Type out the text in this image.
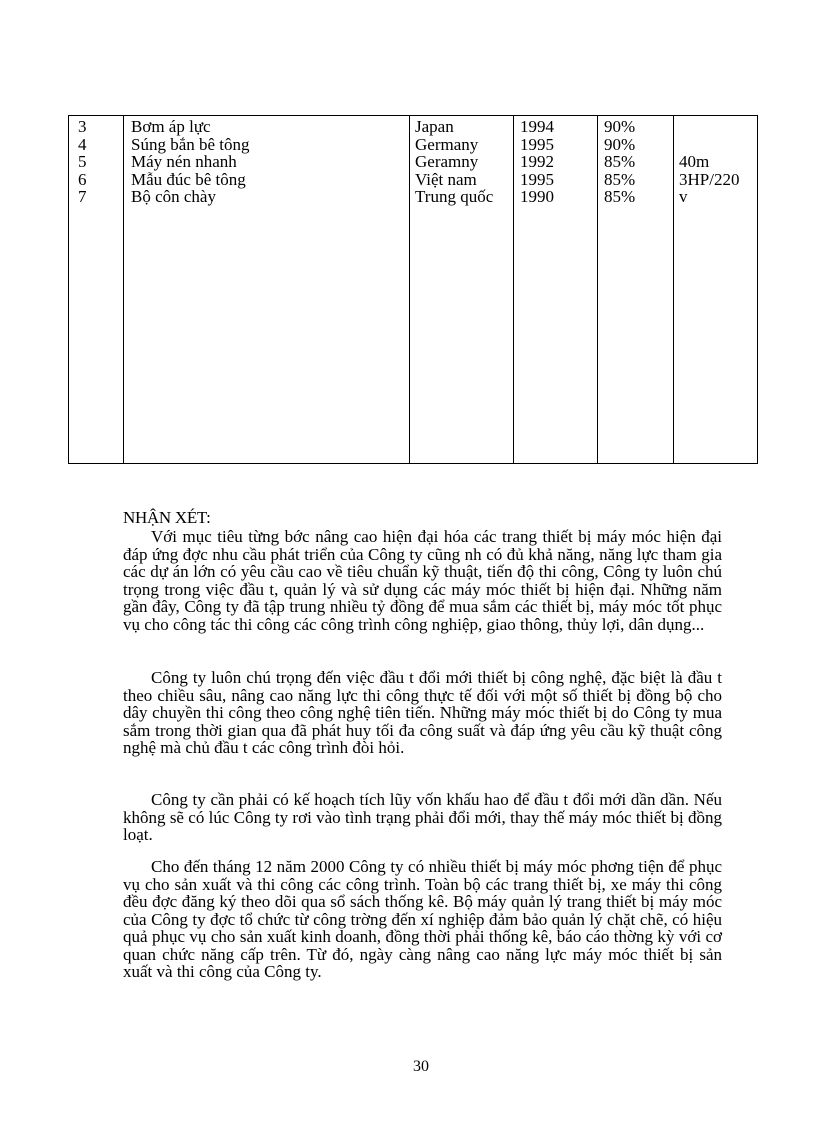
3
4
5
6
7
Bơm áp lực
Súng bắn bê tông
Máy nén nhanh
Mẫu đúc bê tông
Bộ côn chày
Japan
Germany
Geramny
Việt nam
Trung quốc
1994
1995
1992
1995
1990
90%
90%
85%
85%
85%
40m
3HP/220
v
NHẬN XÉT:

Với mục tiêu từng bớc nâng cao hiện đại hóa các trang thiết bị máy móc hiện đại đáp ứng đợc nhu cầu phát triển của Công ty cũng nh có đủ khả năng, năng lực tham gia các dự án lớn có yêu cầu cao về tiêu chuẩn kỹ thuật, tiến độ thi công, Công ty luôn chú trọng trong việc đầu t, quản lý và sử dụng các máy móc thiết bị hiện đại. Những năm gần đây, Công ty đã tập trung nhiều tỷ đồng để mua sắm các thiết bị, máy móc tốt phục vụ cho công tác thi công các công trình công nghiệp, giao thông, thủy lợi, dân dụng...

Công ty luôn chú trọng đến việc đầu t đổi mới thiết bị công nghệ, đặc biệt là đầu t theo chiều sâu, nâng cao năng lực thi công thực tế đối với một số thiết bị đồng bộ cho dây chuyền thi công theo công nghệ tiên tiến. Những máy móc thiết bị do Công ty mua sắm trong thời gian qua đã phát huy tối đa công suất và đáp ứng yêu cầu kỹ thuật công nghệ mà chủ đầu t các công trình đòi hỏi.

Công ty cần phải có kế hoạch tích lũy vốn khấu hao để đầu t đổi mới dần dần. Nếu không sẽ có lúc Công ty rơi vào tình trạng phải đổi mới, thay thế máy móc thiết bị đồng loạt.

Cho đến tháng 12 năm 2000 Công ty có nhiều thiết bị máy móc phơng tiện để phục vụ cho sản xuất và thi công các công trình. Toàn bộ các trang thiết bị, xe máy thi công đều đợc đăng ký theo dõi qua sổ sách thống kê. Bộ máy quản lý trang thiết bị máy móc của Công ty đợc tổ chức từ công trờng đến xí nghiệp đảm bảo quản lý chặt chẽ, có hiệu quả phục vụ cho sản xuất kinh doanh, đồng thời phải thống kê, báo cáo thờng kỳ với cơ quan chức năng cấp trên. Từ đó, ngày càng nâng cao năng lực máy móc thiết bị sản xuất và thi công của Công ty.

30
